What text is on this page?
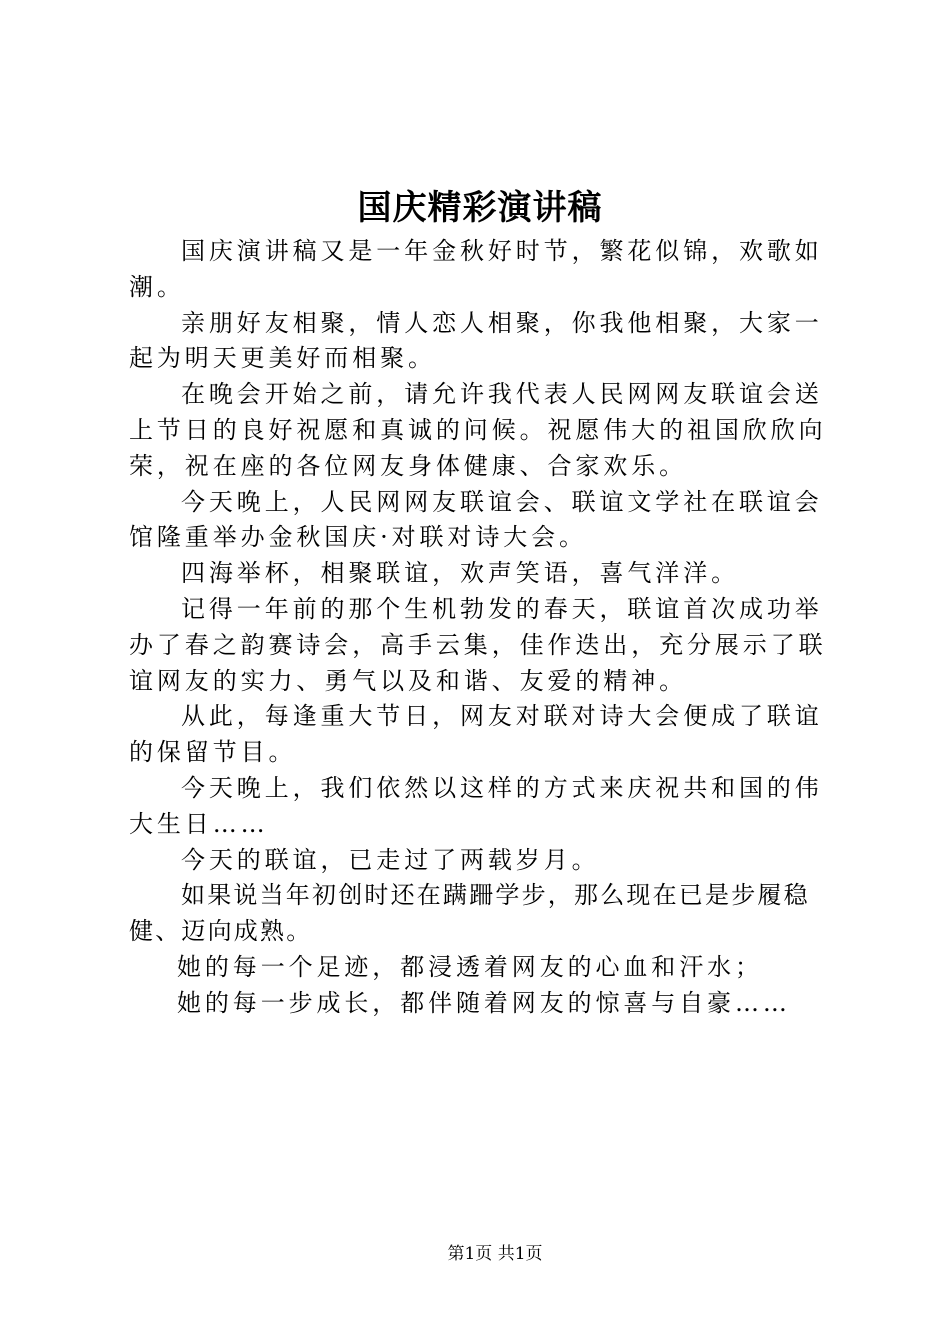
国庆精彩演讲稿

国庆演讲稿又是一年金秋好时节，繁花似锦，欢歌如潮。

亲朋好友相聚，情人恋人相聚，你我他相聚，大家一起为明天更美好而相聚。

在晚会开始之前，请允许我代表人民网网友联谊会送上节日的良好祝愿和真诚的问候。祝愿伟大的祖国欣欣向荣，祝在座的各位网友身体健康、合家欢乐。

今天晚上，人民网网友联谊会、联谊文学社在联谊会馆隆重举办金秋国庆·对联对诗大会。

四海举杯，相聚联谊，欢声笑语，喜气洋洋。

记得一年前的那个生机勃发的春天，联谊首次成功举办了春之韵赛诗会，高手云集，佳作迭出，充分展示了联谊网友的实力、勇气以及和谐、友爱的精神。

从此，每逢重大节日，网友对联对诗大会便成了联谊的保留节目。

今天晚上，我们依然以这样的方式来庆祝共和国的伟大生日……

今天的联谊，已走过了两载岁月。

如果说当年初创时还在蹒跚学步，那么现在已是步履稳健、迈向成熟。

她的每一个足迹，都浸透着网友的心血和汗水；

她的每一步成长，都伴随着网友的惊喜与自豪……

第1页 共1页
